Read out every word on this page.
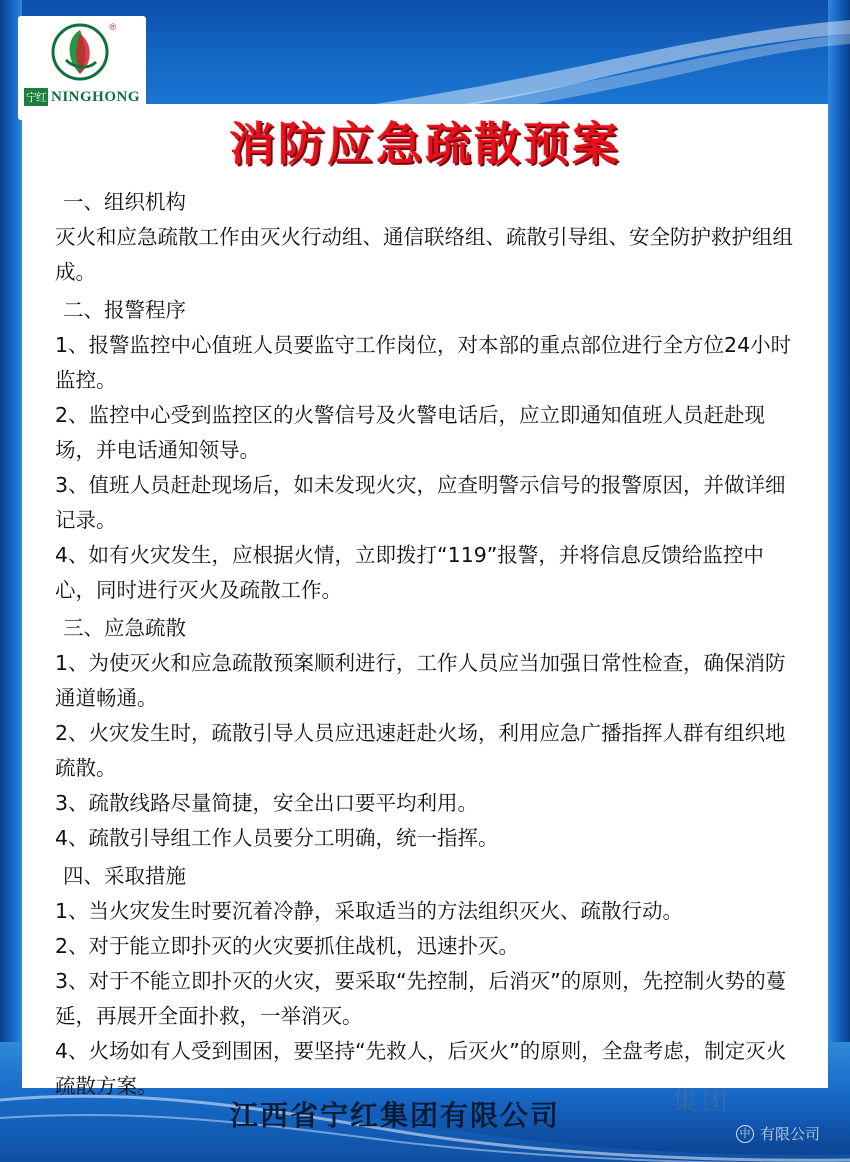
®
宁红 NINGHONG
消防应急疏散预案

一、组织机构

灭火和应急疏散工作由灭火行动组、通信联络组、疏散引导组、安全防护救护组组成。

二、报警程序

1、报警监控中心值班人员要监守工作岗位，对本部的重点部位进行全方位24小时监控。

2、监控中心受到监控区的火警信号及火警电话后，应立即通知值班人员赶赴现场，并电话通知领导。

3、值班人员赶赴现场后，如未发现火灾，应查明警示信号的报警原因，并做详细记录。

4、如有火灾发生，应根据火情，立即拨打“119”报警，并将信息反馈给监控中心，同时进行灭火及疏散工作。

三、应急疏散

1、为使灭火和应急疏散预案顺利进行，工作人员应当加强日常性检查，确保消防通道畅通。

2、火灾发生时，疏散引导人员应迅速赶赴火场，利用应急广播指挥人群有组织地疏散。

3、疏散线路尽量简捷，安全出口要平均利用。

4、疏散引导组工作人员要分工明确，统一指挥。

四、采取措施

1、当火灾发生时要沉着冷静，采取适当的方法组织灭火、疏散行动。

2、对于能立即扑灭的火灾要抓住战机，迅速扑灭。

3、对于不能立即扑灭的火灾，要采取“先控制，后消灭”的原则，先控制火势的蔓延，再展开全面扑救，一举消灭。

4、火场如有人受到围困，要坚持“先救人，后灭火”的原则，全盘考虑，制定灭火疏散方案。

江西省宁红集团有限公司	集团
中 有限公司
